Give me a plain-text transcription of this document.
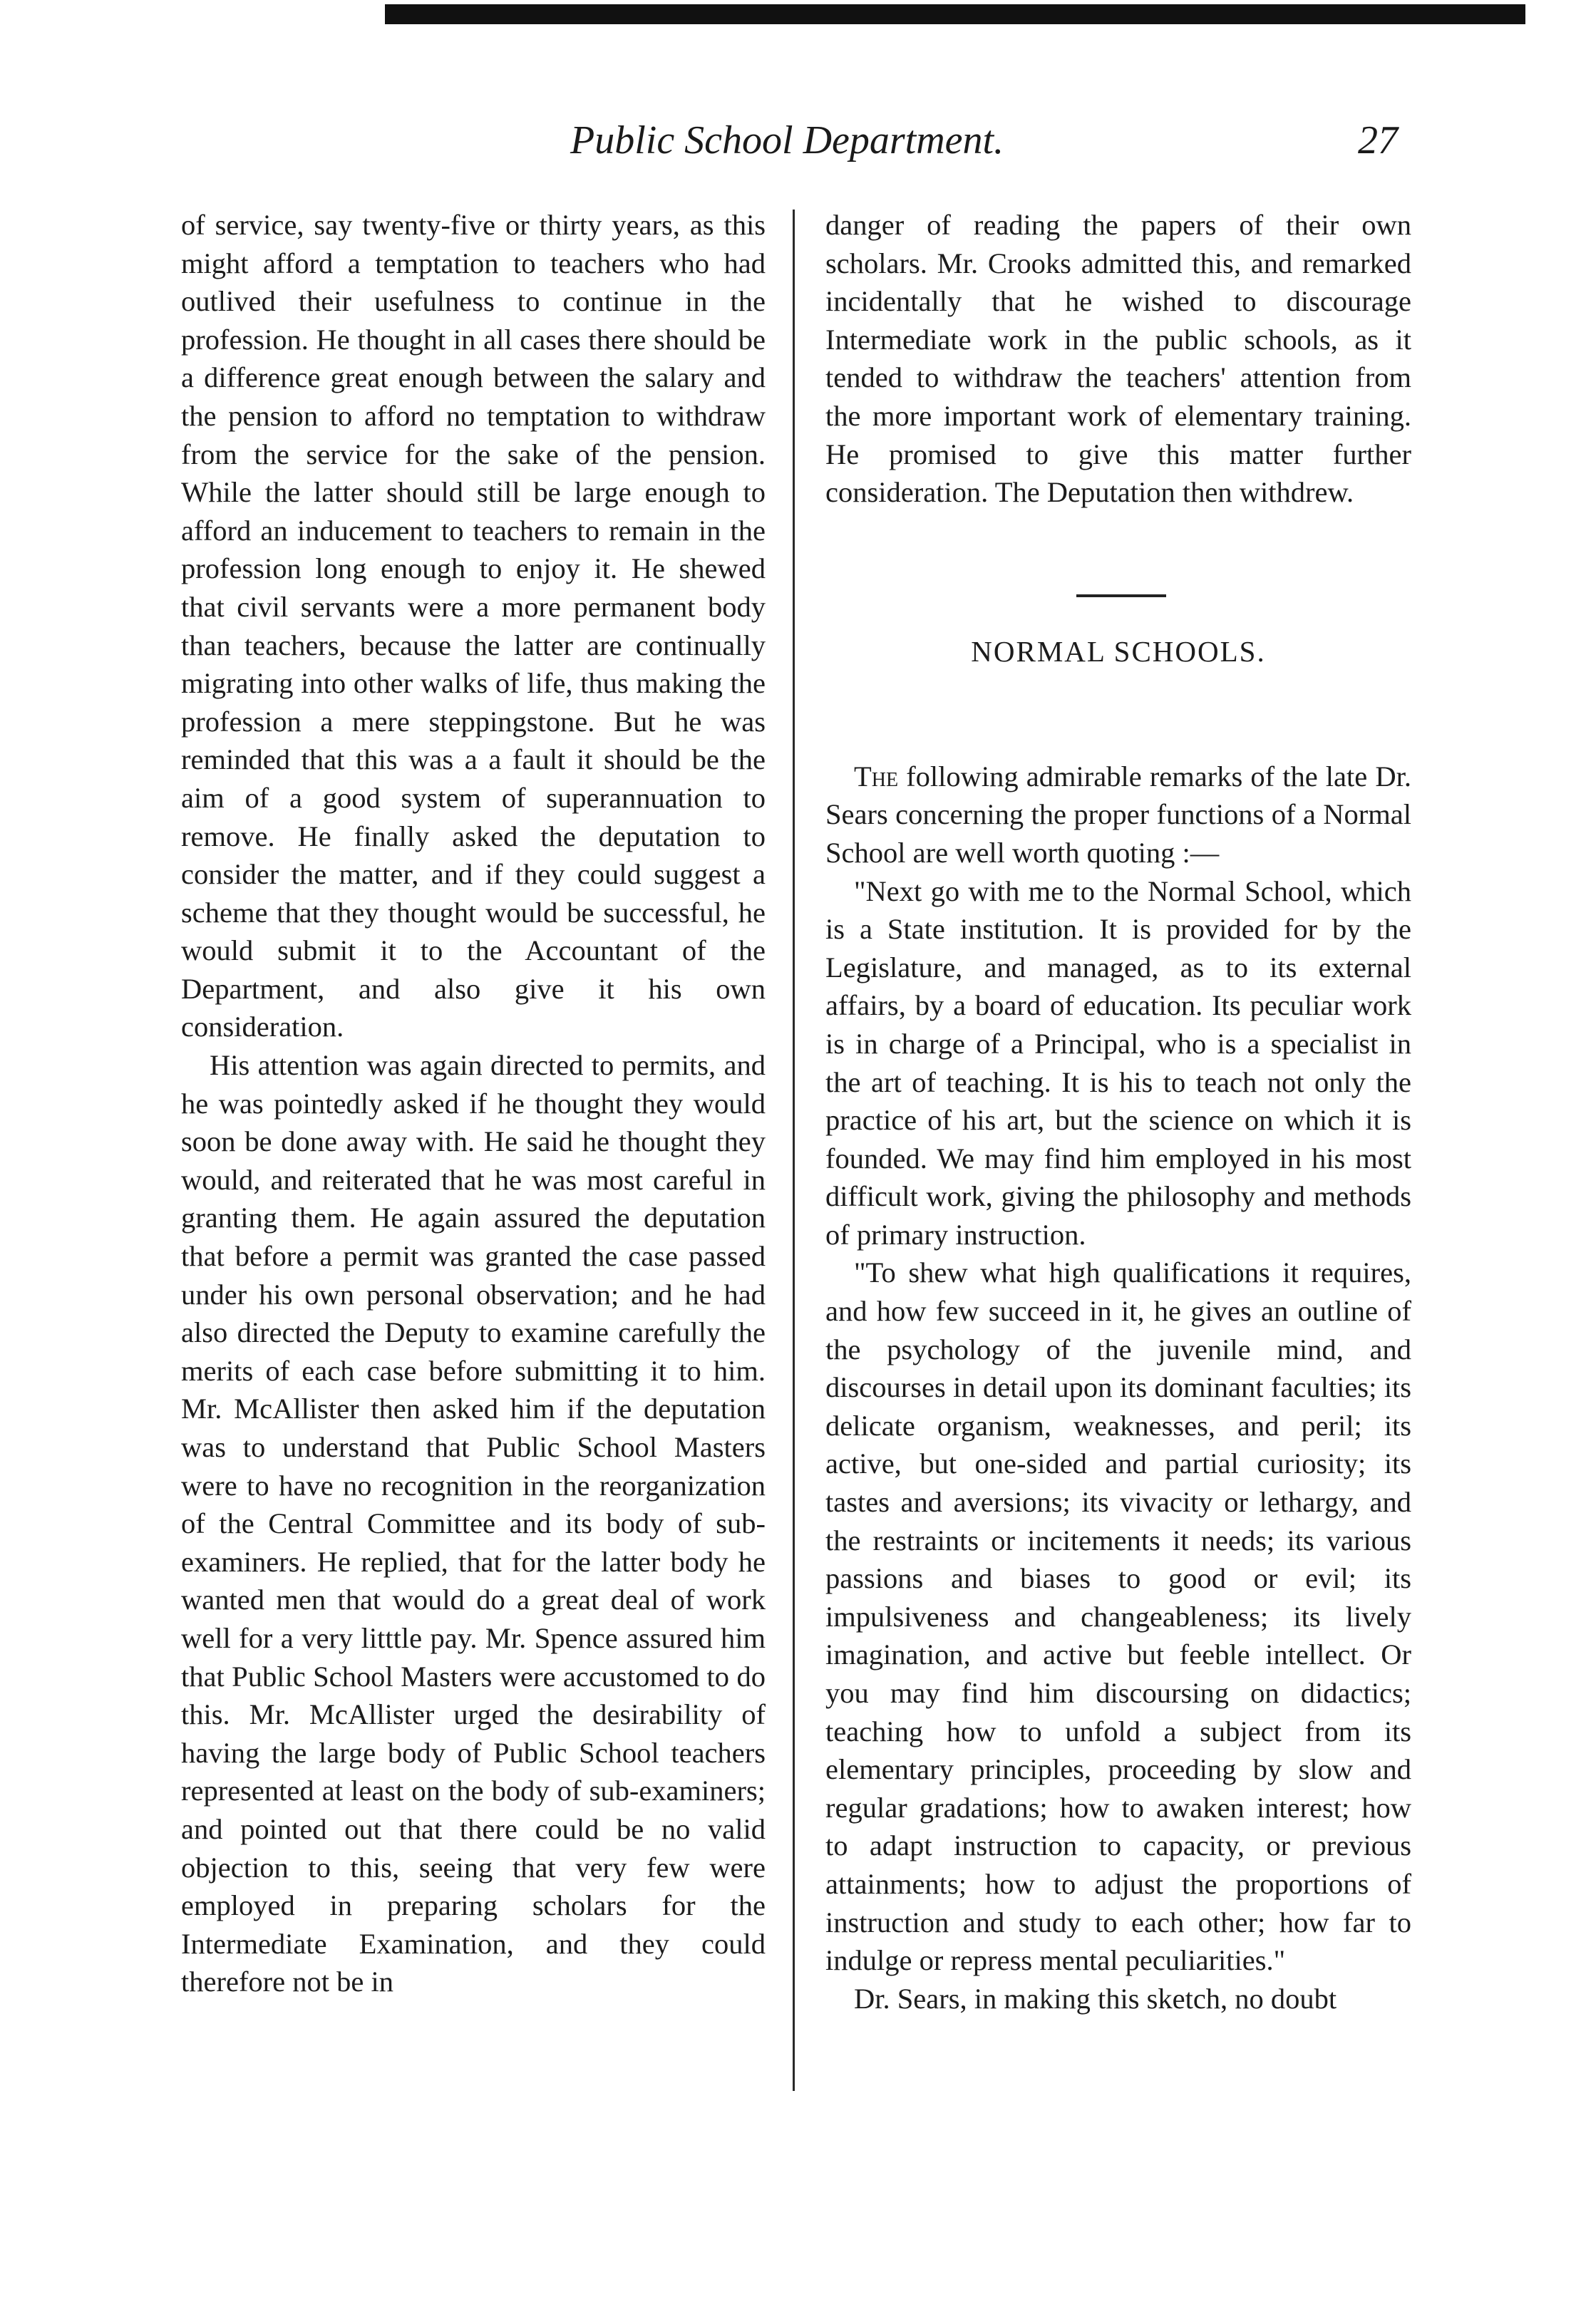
Public School Department.	27

of service, say twenty-five or thirty years, as this might afford a temptation to teachers who had outlived their usefulness to continue in the profession. He thought in all cases there should be a difference great enough between the salary and the pension to afford no temptation to withdraw from the service for the sake of the pension. While the latter should still be large enough to afford an inducement to teachers to remain in the profession long enough to enjoy it. He shewed that civil servants were a more permanent body than teachers, because the latter are continually migrating into other walks of life, thus making the profession a mere steppingstone. But he was reminded that this was a a fault it should be the aim of a good system of superannuation to remove. He finally asked the deputation to consider the matter, and if they could suggest a scheme that they thought would be successful, he would submit it to the Accountant of the Department, and also give it his own consideration.

His attention was again directed to permits, and he was pointedly asked if he thought they would soon be done away with. He said he thought they would, and reiterated that he was most careful in granting them. He again assured the deputation that before a permit was granted the case passed under his own personal observation; and he had also directed the Deputy to examine carefully the merits of each case before submitting it to him. Mr. McAllister then asked him if the deputation was to understand that Public School Masters were to have no recognition in the reorganization of the Central Committee and its body of sub-examiners. He replied, that for the latter body he wanted men that would do a great deal of work well for a very litttle pay. Mr. Spence assured him that Public School Masters were accustomed to do this. Mr. McAllister urged the desirability of having the large body of Public School teachers represented at least on the body of sub-examiners; and pointed out that there could be no valid objection to this, seeing that very few were employed in preparing scholars for the Intermediate Examination, and they could therefore not be in

danger of reading the papers of their own scholars. Mr. Crooks admitted this, and remarked incidentally that he wished to discourage Intermediate work in the public schools, as it tended to withdraw the teachers' attention from the more important work of elementary training. He promised to give this matter further consideration. The Deputation then withdrew.

The following admirable remarks of the late Dr. Sears concerning the proper functions of a Normal School are well worth quoting :—

"Next go with me to the Normal School, which is a State institution. It is provided for by the Legislature, and managed, as to its external affairs, by a board of education. Its peculiar work is in charge of a Principal, who is a specialist in the art of teaching. It is his to teach not only the practice of his art, but the science on which it is founded. We may find him employed in his most difficult work, giving the philosophy and methods of primary instruction.

"To shew what high qualifications it requires, and how few succeed in it, he gives an outline of the psychology of the juvenile mind, and discourses in detail upon its dominant faculties; its delicate organism, weaknesses, and peril; its active, but one-sided and partial curiosity; its tastes and aversions; its vivacity or lethargy, and the restraints or incitements it needs; its various passions and biases to good or evil; its impulsiveness and changeableness; its lively imagination, and active but feeble intellect. Or you may find him discoursing on didactics; teaching how to unfold a subject from its elementary principles, proceeding by slow and regular gradations; how to awaken interest; how to adapt instruction to capacity, or previous attainments; how to adjust the proportions of instruction and study to each other; how far to indulge or repress mental peculiarities."

Dr. Sears, in making this sketch, no doubt

NORMAL SCHOOLS.
